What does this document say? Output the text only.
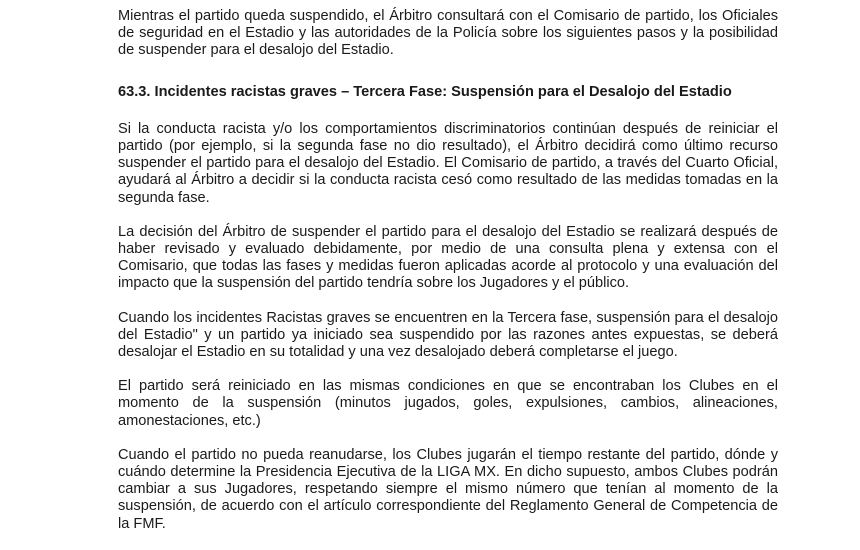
Mientras el partido queda suspendido, el Árbitro consultará con el Comisario de partido, los Oficiales de seguridad en el Estadio y las autoridades de la Policía sobre los siguientes pasos y la posibilidad de suspender para el desalojo del Estadio.

63.3. Incidentes racistas graves – Tercera Fase: Suspensión para el Desalojo del Estadio

Si la conducta racista y/o los comportamientos discriminatorios continúan después de reiniciar el partido (por ejemplo, si la segunda fase no dio resultado), el Árbitro decidirá como último recurso suspender el partido para el desalojo del Estadio. El Comisario de partido, a través del Cuarto Oficial, ayudará al Árbitro a decidir si la conducta racista cesó como resultado de las medidas tomadas en la segunda fase.

La decisión del Árbitro de suspender el partido para el desalojo del Estadio se realizará después de haber revisado y evaluado debidamente, por medio de una consulta plena y extensa con el Comisario, que todas las fases y medidas fueron aplicadas acorde al protocolo y una evaluación del impacto que la suspensión del partido tendría sobre los Jugadores y el público.

Cuando los incidentes Racistas graves se encuentren en la Tercera fase, suspensión para el desalojo del Estadio" y un partido ya iniciado sea suspendido por las razones antes expuestas, se deberá desalojar el Estadio en su totalidad y una vez desalojado deberá completarse el juego.

El partido será reiniciado en las mismas condiciones en que se encontraban los Clubes en el momento de la suspensión (minutos jugados, goles, expulsiones, cambios, alineaciones, amonestaciones, etc.)

Cuando el partido no pueda reanudarse, los Clubes jugarán el tiempo restante del partido, dónde y cuándo determine la Presidencia Ejecutiva de la LIGA MX. En dicho supuesto, ambos Clubes podrán cambiar a sus Jugadores, respetando siempre el mismo número que tenían al momento de la suspensión, de acuerdo con el artículo correspondiente del Reglamento General de Competencia de la FMF.
